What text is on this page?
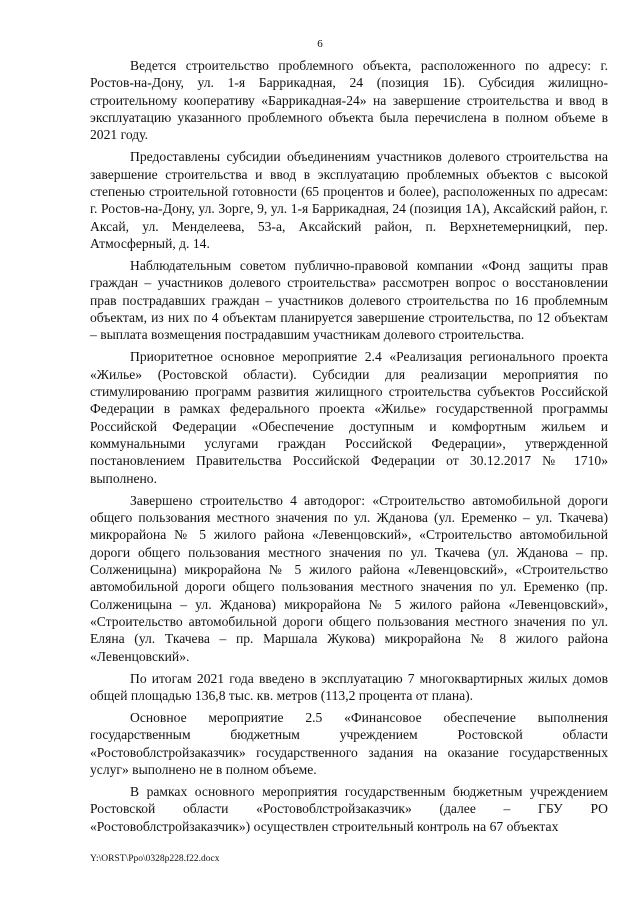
6

Ведется строительство проблемного объекта, расположенного по адресу: г. Ростов-на-Дону, ул. 1-я Баррикадная, 24 (позиция 1Б). Субсидия жилищно-строительному кооперативу «Баррикадная-24» на завершение строительства и ввод в эксплуатацию указанного проблемного объекта была перечислена в полном объеме в 2021 году.

Предоставлены субсидии объединениям участников долевого строительства на завершение строительства и ввод в эксплуатацию проблемных объектов с высокой степенью строительной готовности (65 процентов и более), расположенных по адресам: г. Ростов-на-Дону, ул. Зорге, 9, ул. 1-я Баррикадная, 24 (позиция 1А), Аксайский район, г. Аксай, ул. Менделеева, 53-а, Аксайский район, п. Верхнетемерницкий, пер. Атмосферный, д. 14.

Наблюдательным советом публично-правовой компании «Фонд защиты прав граждан – участников долевого строительства» рассмотрен вопрос о восстановлении прав пострадавших граждан – участников долевого строительства по 16 проблемным объектам, из них по 4 объектам планируется завершение строительства, по 12 объектам – выплата возмещения пострадавшим участникам долевого строительства.

Приоритетное основное мероприятие 2.4 «Реализация регионального проекта «Жилье» (Ростовской области). Субсидии для реализации мероприятия по стимулированию программ развития жилищного строительства субъектов Российской Федерации в рамках федерального проекта «Жилье» государственной программы Российской Федерации «Обеспечение доступным и комфортным жильем и коммунальными услугами граждан Российской Федерации», утвержденной постановлением Правительства Российской Федерации от 30.12.2017 № 1710» выполнено.

Завершено строительство 4 автодорог: «Строительство автомобильной дороги общего пользования местного значения по ул. Жданова (ул. Еременко – ул. Ткачева) микрорайона № 5 жилого района «Левенцовский», «Строительство автомобильной дороги общего пользования местного значения по ул. Ткачева (ул. Жданова – пр. Солженицына) микрорайона № 5 жилого района «Левенцовский», «Строительство автомобильной дороги общего пользования местного значения по ул. Еременко (пр. Солженицына – ул. Жданова) микрорайона № 5 жилого района «Левенцовский», «Строительство автомобильной дороги общего пользования местного значения по ул. Еляна (ул. Ткачева – пр. Маршала Жукова) микрорайона № 8 жилого района «Левенцовский».

По итогам 2021 года введено в эксплуатацию 7 многоквартирных жилых домов общей площадью 136,8 тыс. кв. метров (113,2 процента от плана).

Основное мероприятие 2.5 «Финансовое обеспечение выполнения государственным бюджетным учреждением Ростовской области «Ростовоблстройзаказчик» государственного задания на оказание государственных услуг» выполнено не в полном объеме.

В рамках основного мероприятия государственным бюджетным учреждением Ростовской области «Ростовоблстройзаказчик» (далее – ГБУ РО «Ростовоблстройзаказчик») осуществлен строительный контроль на 67 объектах

Y:\ORST\Ppo\0328p228.f22.docx
